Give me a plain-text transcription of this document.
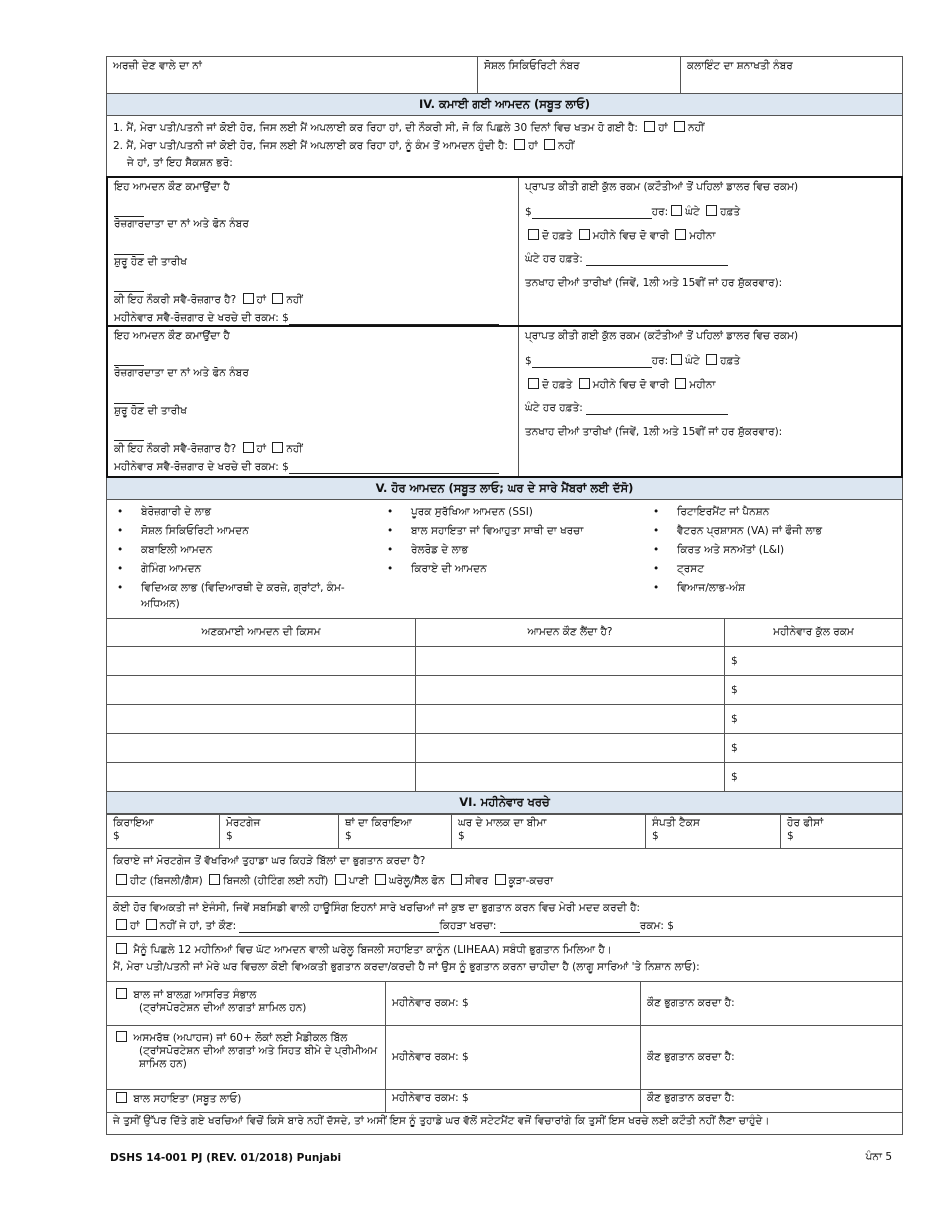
ਅਰਜ਼ੀ ਦੇਣ ਵਾਲੇ ਦਾ ਨਾਂ	ਸੋਸ਼ਲ ਸਿਕਿਓਰਿਟੀ ਨੰਬਰ	ਕਲਾਇੰਟ ਦਾ ਸ਼ਨਾਖਤੀ ਨੰਬਰ
IV. ਕਮਾਈ ਗਈ ਆਮਦਨ (ਸਬੂਤ ਲਾਓ)
1. ਮੈਂ, ਮੇਰਾ ਪਤੀ/ਪਤਨੀ ਜਾਂ ਕੋਈ ਹੋਰ, ਜਿਸ ਲਈ ਮੈਂ ਅਪਲਾਈ ਕਰ ਰਿਹਾ ਹਾਂ, ਦੀ ਨੌਕਰੀ ਸੀ, ਜੋ ਕਿ ਪਿਛਲੇ 30 ਦਿਨਾਂ ਵਿਚ ਖਤਮ ਹੋ ਗਈ ਹੈ: ਹਾਂ ਨਹੀਂ
2. ਮੈਂ, ਮੇਰਾ ਪਤੀ/ਪਤਨੀ ਜਾਂ ਕੋਈ ਹੋਰ, ਜਿਸ ਲਈ ਮੈਂ ਅਪਲਾਈ ਕਰ ਰਿਹਾ ਹਾਂ, ਨੂੰ ਕੰਮ ਤੋਂ ਆਮਦਨ ਹੁੰਦੀ ਹੈ: ਹਾਂ ਨਹੀਂ
ਜੇ ਹਾਂ, ਤਾਂ ਇਹ ਸੈਕਸ਼ਨ ਭਰੋ:

ਇਹ ਆਮਦਨ ਕੌਣ ਕਮਾਉਂਦਾ ਹੈ

ਰੋਜ਼ਗਾਰਦਾਤਾ ਦਾ ਨਾਂ ਅਤੇ ਫੋਨ ਨੰਬਰ

ਸ਼ੁਰੂ ਹੋਣ ਦੀ ਤਾਰੀਖ

ਕੀ ਇਹ ਨੌਕਰੀ ਸਵੈ-ਰੋਜ਼ਗਾਰ ਹੈ? ਹਾਂ ਨਹੀਂ

ਮਹੀਨੇਵਾਰ ਸਵੈ-ਰੋਜ਼ਗਾਰ ਦੇ ਖਰਚੇ ਦੀ ਰਕਮ: $

ਪ੍ਰਾਪਤ ਕੀਤੀ ਗਈ ਕੁੱਲ ਰਕਮ (ਕਟੌਤੀਆਂ ਤੋਂ ਪਹਿਲਾਂ ਡਾਲਰ ਵਿਚ ਰਕਮ)

$	ਹਰ: ਘੰਟੇ ਹਫ਼ਤੇ

ਦੋ ਹਫ਼ਤੇ ਮਹੀਨੇ ਵਿਚ ਦੋ ਵਾਰੀ ਮਹੀਨਾ

ਘੰਟੇ ਹਰ ਹਫ਼ਤੇ:

ਤਨਖਾਹ ਦੀਆਂ ਤਾਰੀਖਾਂ (ਜਿਵੇਂ, 1ਲੀ ਅਤੇ 15ਵੀਂ ਜਾਂ ਹਰ ਸ਼ੁੱਕਰਵਾਰ):

ਇਹ ਆਮਦਨ ਕੌਣ ਕਮਾਉਂਦਾ ਹੈ

ਰੋਜ਼ਗਾਰਦਾਤਾ ਦਾ ਨਾਂ ਅਤੇ ਫੋਨ ਨੰਬਰ

ਸ਼ੁਰੂ ਹੋਣ ਦੀ ਤਾਰੀਖ

ਕੀ ਇਹ ਨੌਕਰੀ ਸਵੈ-ਰੋਜ਼ਗਾਰ ਹੈ? ਹਾਂ ਨਹੀਂ

ਮਹੀਨੇਵਾਰ ਸਵੈ-ਰੋਜ਼ਗਾਰ ਦੇ ਖਰਚੇ ਦੀ ਰਕਮ: $

ਪ੍ਰਾਪਤ ਕੀਤੀ ਗਈ ਕੁੱਲ ਰਕਮ (ਕਟੌਤੀਆਂ ਤੋਂ ਪਹਿਲਾਂ ਡਾਲਰ ਵਿਚ ਰਕਮ)

$	ਹਰ: ਘੰਟੇ ਹਫ਼ਤੇ

ਦੋ ਹਫ਼ਤੇ ਮਹੀਨੇ ਵਿਚ ਦੋ ਵਾਰੀ ਮਹੀਨਾ

ਘੰਟੇ ਹਰ ਹਫ਼ਤੇ:

ਤਨਖਾਹ ਦੀਆਂ ਤਾਰੀਖਾਂ (ਜਿਵੇਂ, 1ਲੀ ਅਤੇ 15ਵੀਂ ਜਾਂ ਹਰ ਸ਼ੁੱਕਰਵਾਰ):

V. ਹੋਰ ਆਮਦਨ (ਸਬੂਤ ਲਾਓ; ਘਰ ਦੇ ਸਾਰੇ ਮੈਂਬਰਾਂ ਲਈ ਦੱਸੋ)
• ਬੇਰੋਜ਼ਗਾਰੀ ਦੇ ਲਾਭ
• ਸੋਸ਼ਲ ਸਿਕਿਓਰਿਟੀ ਆਮਦਨ
• ਕਬਾਇਲੀ ਆਮਦਨ
• ਗੇਮਿੰਗ ਆਮਦਨ
• ਵਿਦਿਅਕ ਲਾਭ (ਵਿਦਿਆਰਥੀ ਦੇ ਕਰਜ਼ੇ, ਗ੍ਰਾਂਟਾਂ, ਕੰਮ-

ਅਧਿਅਨ)

• ਪੂਰਕ ਸੁਰੱਖਿਆ ਆਮਦਨ (SSI)
• ਬਾਲ ਸਹਾਇਤਾ ਜਾਂ ਵਿਆਹੁਤਾ ਸਾਥੀ ਦਾ ਖਰਚਾ
• ਰੇਲਰੋਡ ਦੇ ਲਾਭ
• ਕਿਰਾਏ ਦੀ ਆਮਦਨ
• ਰਿਟਾਇਰਮੈਂਟ ਜਾਂ ਪੈਨਸ਼ਨ
• ਵੈਟਰਨ ਪ੍ਰਸ਼ਾਸਨ (VA) ਜਾਂ ਫੌਜੀ ਲਾਭ
• ਕਿਰਤ ਅਤੇ ਸਨਅੱਤਾਂ (L&I)
• ਟ੍ਰਸਟ
• ਵਿਆਜ/ਲਾਭ-ਅੰਸ਼
ਅਣਕਮਾਈ ਆਮਦਨ ਦੀ ਕਿਸਮ	ਆਮਦਨ ਕੌਣ ਲੈਂਦਾ ਹੈ?	ਮਹੀਨੇਵਾਰ ਕੁੱਲ ਰਕਮ
		$
		$
		$
		$
		$
VI. ਮਹੀਨੇਵਾਰ ਖਰਚੇ
ਕਿਰਾਇਆ
$

ਮੋਰਟਗੇਜ
$

ਥਾਂ ਦਾ ਕਿਰਾਇਆ
$

ਘਰ ਦੇ ਮਾਲਕ ਦਾ ਬੀਮਾ
$

ਸੰਪਤੀ ਟੈਕਸ
$

ਹੋਰ ਫੀਸਾਂ
$
ਕਿਰਾਏ ਜਾਂ ਮੋਰਟਗੇਜ ਤੋਂ ਵੱਖਰਿਆਂ ਤੁਹਾਡਾ ਘਰ ਕਿਹੜੇ ਬਿੱਲਾਂ ਦਾ ਭੁਗਤਾਨ ਕਰਦਾ ਹੈ?
ਹੀਟ (ਬਿਜਲੀ/ਗੈਸ) ਬਿਜਲੀ (ਹੀਟਿੰਗ ਲਈ ਨਹੀਂ) ਪਾਣੀ ਘਰੇਲੂ/ਸੈੱਲ ਫੋਨ ਸੀਵਰ ਕੂੜਾ-ਕਚਰਾ
ਕੋਈ ਹੋਰ ਵਿਅਕਤੀ ਜਾਂ ਏਜੰਸੀ, ਜਿਵੇਂ ਸਬਸਿਡੀ ਵਾਲੀ ਹਾਊਸਿੰਗ ਇਹਨਾਂ ਸਾਰੇ ਖਰਚਿਆਂ ਜਾਂ ਕੁਝ ਦਾ ਭੁਗਤਾਨ ਕਰਨ ਵਿਚ ਮੇਰੀ ਮਦਦ ਕਰਦੀ ਹੈ:
ਹਾਂ ਨਹੀਂ ਜੇ ਹਾਂ, ਤਾਂ ਕੌਣ:	ਕਿਹੜਾ ਖਰਚਾ:	ਰਕਮ: $
ਮੈਨੂੰ ਪਿਛਲੇ 12 ਮਹੀਨਿਆਂ ਵਿਚ ਘੱਟ ਆਮਦਨ ਵਾਲੀ ਘਰੇਲੂ ਬਿਜਲੀ ਸਹਾਇਤਾ ਕਾਨੂੰਨ (LIHEAA) ਸਬੰਧੀ ਭੁਗਤਾਨ ਮਿਲਿਆ ਹੈ।
ਮੈਂ, ਮੇਰਾ ਪਤੀ/ਪਤਨੀ ਜਾਂ ਮੇਰੇ ਘਰ ਵਿਚਲਾ ਕੋਈ ਵਿਅਕਤੀ ਭੁਗਤਾਨ ਕਰਦਾ/ਕਰਦੀ ਹੈ ਜਾਂ ਉਸ ਨੂੰ ਭੁਗਤਾਨ ਕਰਨਾ ਚਾਹੀਦਾ ਹੈ (ਲਾਗੂ ਸਾਰਿਆਂ 'ਤੇ ਨਿਸ਼ਾਨ ਲਾਓ):
ਬਾਲ ਜਾਂ ਬਾਲਗ਼ ਆਸਰਿਤ ਸੰਭਾਲ
(ਟ੍ਰਾਂਸਪੋਰਟੇਸ਼ਨ ਦੀਆਂ ਲਾਗਤਾਂ ਸ਼ਾਮਿਲ ਹਨ)	ਮਹੀਨੇਵਾਰ ਰਕਮ: $	ਕੌਣ ਭੁਗਤਾਨ ਕਰਦਾ ਹੈ:
ਅਸਮਰੱਥ (ਅਪਾਹਜ) ਜਾਂ 60+ ਲੋਕਾਂ ਲਈ ਮੈਡੀਕਲ ਬਿੱਲ
(ਟ੍ਰਾਂਸਪੋਰਟੇਸ਼ਨ ਦੀਆਂ ਲਾਗਤਾਂ ਅਤੇ ਸਿਹਤ ਬੀਮੇ ਦੇ ਪ੍ਰੀਮੀਅਮ
ਸ਼ਾਮਿਲ ਹਨ)	ਮਹੀਨੇਵਾਰ ਰਕਮ: $	ਕੌਣ ਭੁਗਤਾਨ ਕਰਦਾ ਹੈ:
ਬਾਲ ਸਹਾਇਤਾ (ਸਬੂਤ ਲਾਓ)	ਮਹੀਨੇਵਾਰ ਰਕਮ: $	ਕੌਣ ਭੁਗਤਾਨ ਕਰਦਾ ਹੈ:
ਜੇ ਤੁਸੀਂ ਉੱਪਰ ਦਿੱਤੇ ਗਏ ਖਰਚਿਆਂ ਵਿਚੋਂ ਕਿਸੇ ਬਾਰੇ ਨਹੀਂ ਦੱਸਦੇ, ਤਾਂ ਅਸੀਂ ਇਸ ਨੂੰ ਤੁਹਾਡੇ ਘਰ ਵੱਲੋਂ ਸਟੇਟਮੈਂਟ ਵਜੋਂ ਵਿਚਾਰਾਂਗੇ ਕਿ ਤੁਸੀਂ ਇਸ ਖਰਚੇ ਲਈ ਕਟੌਤੀ ਨਹੀਂ ਲੈਣਾ ਚਾਹੁੰਦੇ।		
DSHS 14-001 PJ (REV. 01/2018) Punjabi	ਪੰਨਾ 5
